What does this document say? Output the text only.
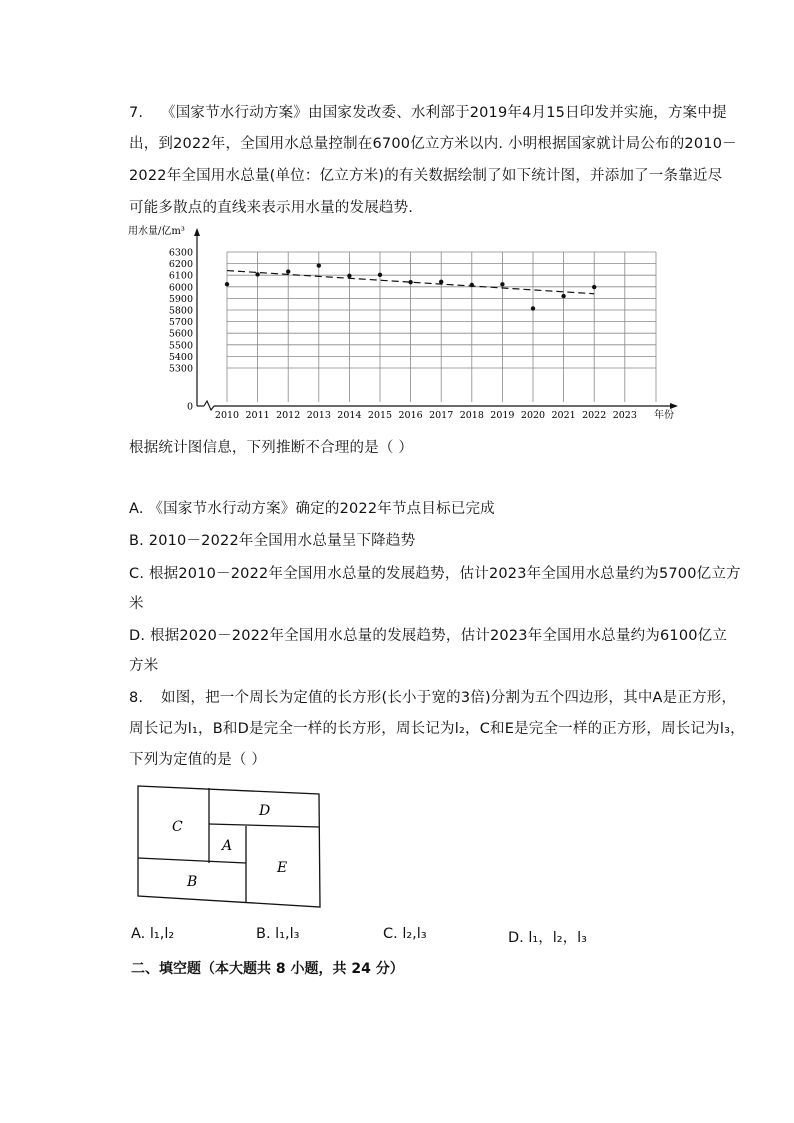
7. 《国家节水行动方案》由国家发改委、水利部于2019年4月15日印发并实施，方案中提
出，到2022年，全国用水总量控制在6700亿立方米以内. 小明根据国家就计局公布的2010－
2022年全国用水总量(单位：亿立方米)的有关数据绘制了如下统计图，并添加了一条靠近尽
可能多散点的直线来表示用水量的发展趋势.
6300
6200
6100
6000
5900
5800
5700
5600
5500
5400
5300
0
2010 2011 2012 2013 2014 2015 2016 2017 2018 2019 2020 2021 2022 2023 年份
用水量/亿m³
根据统计图信息，下列推断不合理的是（ ）
A. 《国家节水行动方案》确定的2022年节点目标已完成
B. 2010－2022年全国用水总量呈下降趋势
C. 根据2010－2022年全国用水总量的发展趋势，估计2023年全国用水总量约为5700亿立方
米
D. 根据2020－2022年全国用水总量的发展趋势，估计2023年全国用水总量约为6100亿立
方米
8. 如图，把一个周长为定值的长方形(长小于宽的3倍)分割为五个四边形，其中A是正方形，
周长记为l₁，B和D是完全一样的长方形，周长记为l₂，C和E是完全一样的正方形，周长记为l₃，
下列为定值的是（ ）
C
D
A
E
B
A. l₁,l₂	B. l₁,l₃	C. l₂,l₃	D. l₁，l₂，l₃
二、填空题（本大题共 8 小题，共 24 分）
